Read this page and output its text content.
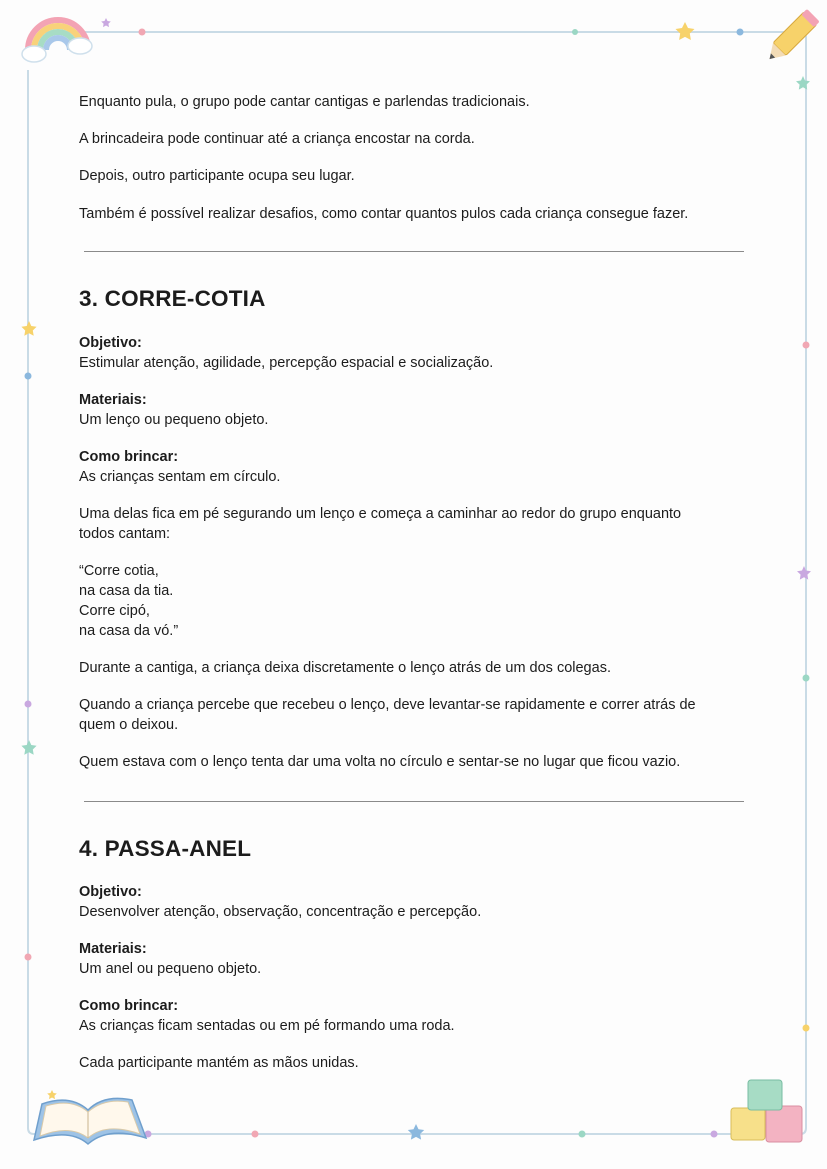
Enquanto pula, o grupo pode cantar cantigas e parlendas tradicionais.

A brincadeira pode continuar até a criança encostar na corda.

Depois, outro participante ocupa seu lugar.

Também é possível realizar desafios, como contar quantos pulos cada criança consegue fazer.

3. CORRE-COTIA

Objetivo:

Estimular atenção, agilidade, percepção espacial e socialização.

Materiais:

Um lenço ou pequeno objeto.

Como brincar:

As crianças sentam em círculo.

Uma delas fica em pé segurando um lenço e começa a caminhar ao redor do grupo enquanto

todos cantam:

“Corre cotia,

na casa da tia.

Corre cipó,

na casa da vó.”

Durante a cantiga, a criança deixa discretamente o lenço atrás de um dos colegas.

Quando a criança percebe que recebeu o lenço, deve levantar-se rapidamente e correr atrás de

quem o deixou.

Quem estava com o lenço tenta dar uma volta no círculo e sentar-se no lugar que ficou vazio.

4. PASSA-ANEL

Objetivo:

Desenvolver atenção, observação, concentração e percepção.

Materiais:

Um anel ou pequeno objeto.

Como brincar:

As crianças ficam sentadas ou em pé formando uma roda.

Cada participante mantém as mãos unidas.
